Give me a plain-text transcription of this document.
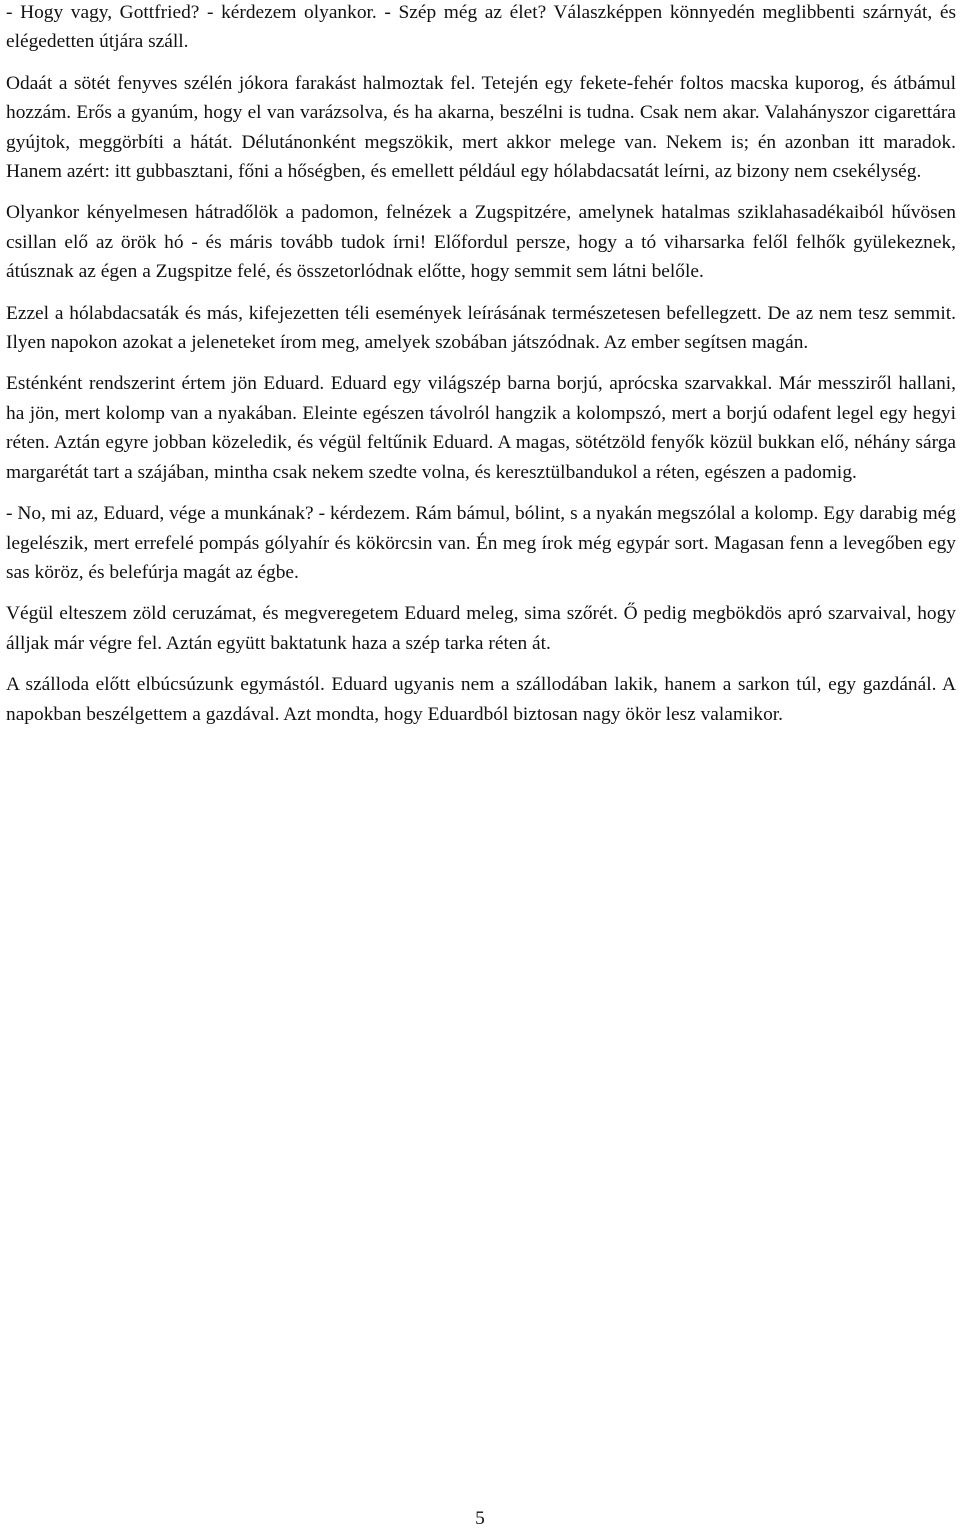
- Hogy vagy, Gottfried? - kérdezem olyankor. - Szép még az élet? Válaszképpen könnyedén meglibbenti szárnyát, és elégedetten útjára száll.

Odaát a sötét fenyves szélén jókora farakást halmoztak fel. Tetején egy fekete-fehér foltos macska kuporog, és átbámul hozzám. Erős a gyanúm, hogy el van varázsolva, és ha akarna, beszélni is tudna. Csak nem akar. Valahányszor cigarettára gyújtok, meggörbíti a hátát. Délutánonként megszökik, mert akkor melege van. Nekem is; én azonban itt maradok. Hanem azért: itt gubbasztani, főni a hőségben, és emellett például egy hólabdacsatát leírni, az bizony nem csekélység.

Olyankor kényelmesen hátradőlök a padomon, felnézek a Zugspitzére, amelynek hatalmas sziklahasadékaiból hűvösen csillan elő az örök hó - és máris tovább tudok írni! Előfordul persze, hogy a tó viharsarka felől felhők gyülekeznek, átúsznak az égen a Zugspitze felé, és összetorlódnak előtte, hogy semmit sem látni belőle.

Ezzel a hólabdacsaták és más, kifejezetten téli események leírásának természetesen befellegzett. De az nem tesz semmit. Ilyen napokon azokat a jeleneteket írom meg, amelyek szobában játszódnak. Az ember segítsen magán.

Esténként rendszerint értem jön Eduard. Eduard egy világszép barna borjú, aprócska szarvakkal. Már messziről hallani, ha jön, mert kolomp van a nyakában. Eleinte egészen távolról hangzik a kolompszó, mert a borjú odafent legel egy hegyi réten. Aztán egyre jobban közeledik, és végül feltűnik Eduard. A magas, sötétzöld fenyők közül bukkan elő, néhány sárga margarétát tart a szájában, mintha csak nekem szedte volna, és keresztülbandukol a réten, egészen a padomig.

- No, mi az, Eduard, vége a munkának? - kérdezem. Rám bámul, bólint, s a nyakán megszólal a kolomp. Egy darabig még legelészik, mert errefelé pompás gólyahír és kökörcsin van. Én meg írok még egypár sort. Magasan fenn a levegőben egy sas köröz, és belefúrja magát az égbe.

Végül elteszem zöld ceruzámat, és megveregetem Eduard meleg, sima szőrét. Ő pedig megbökdös apró szarvaival, hogy álljak már végre fel. Aztán együtt baktatunk haza a szép tarka réten át.

A szálloda előtt elbúcsúzunk egymástól. Eduard ugyanis nem a szállodában lakik, hanem a sarkon túl, egy gazdánál. A napokban beszélgettem a gazdával. Azt mondta, hogy Eduardból biztosan nagy ökör lesz valamikor.

5
